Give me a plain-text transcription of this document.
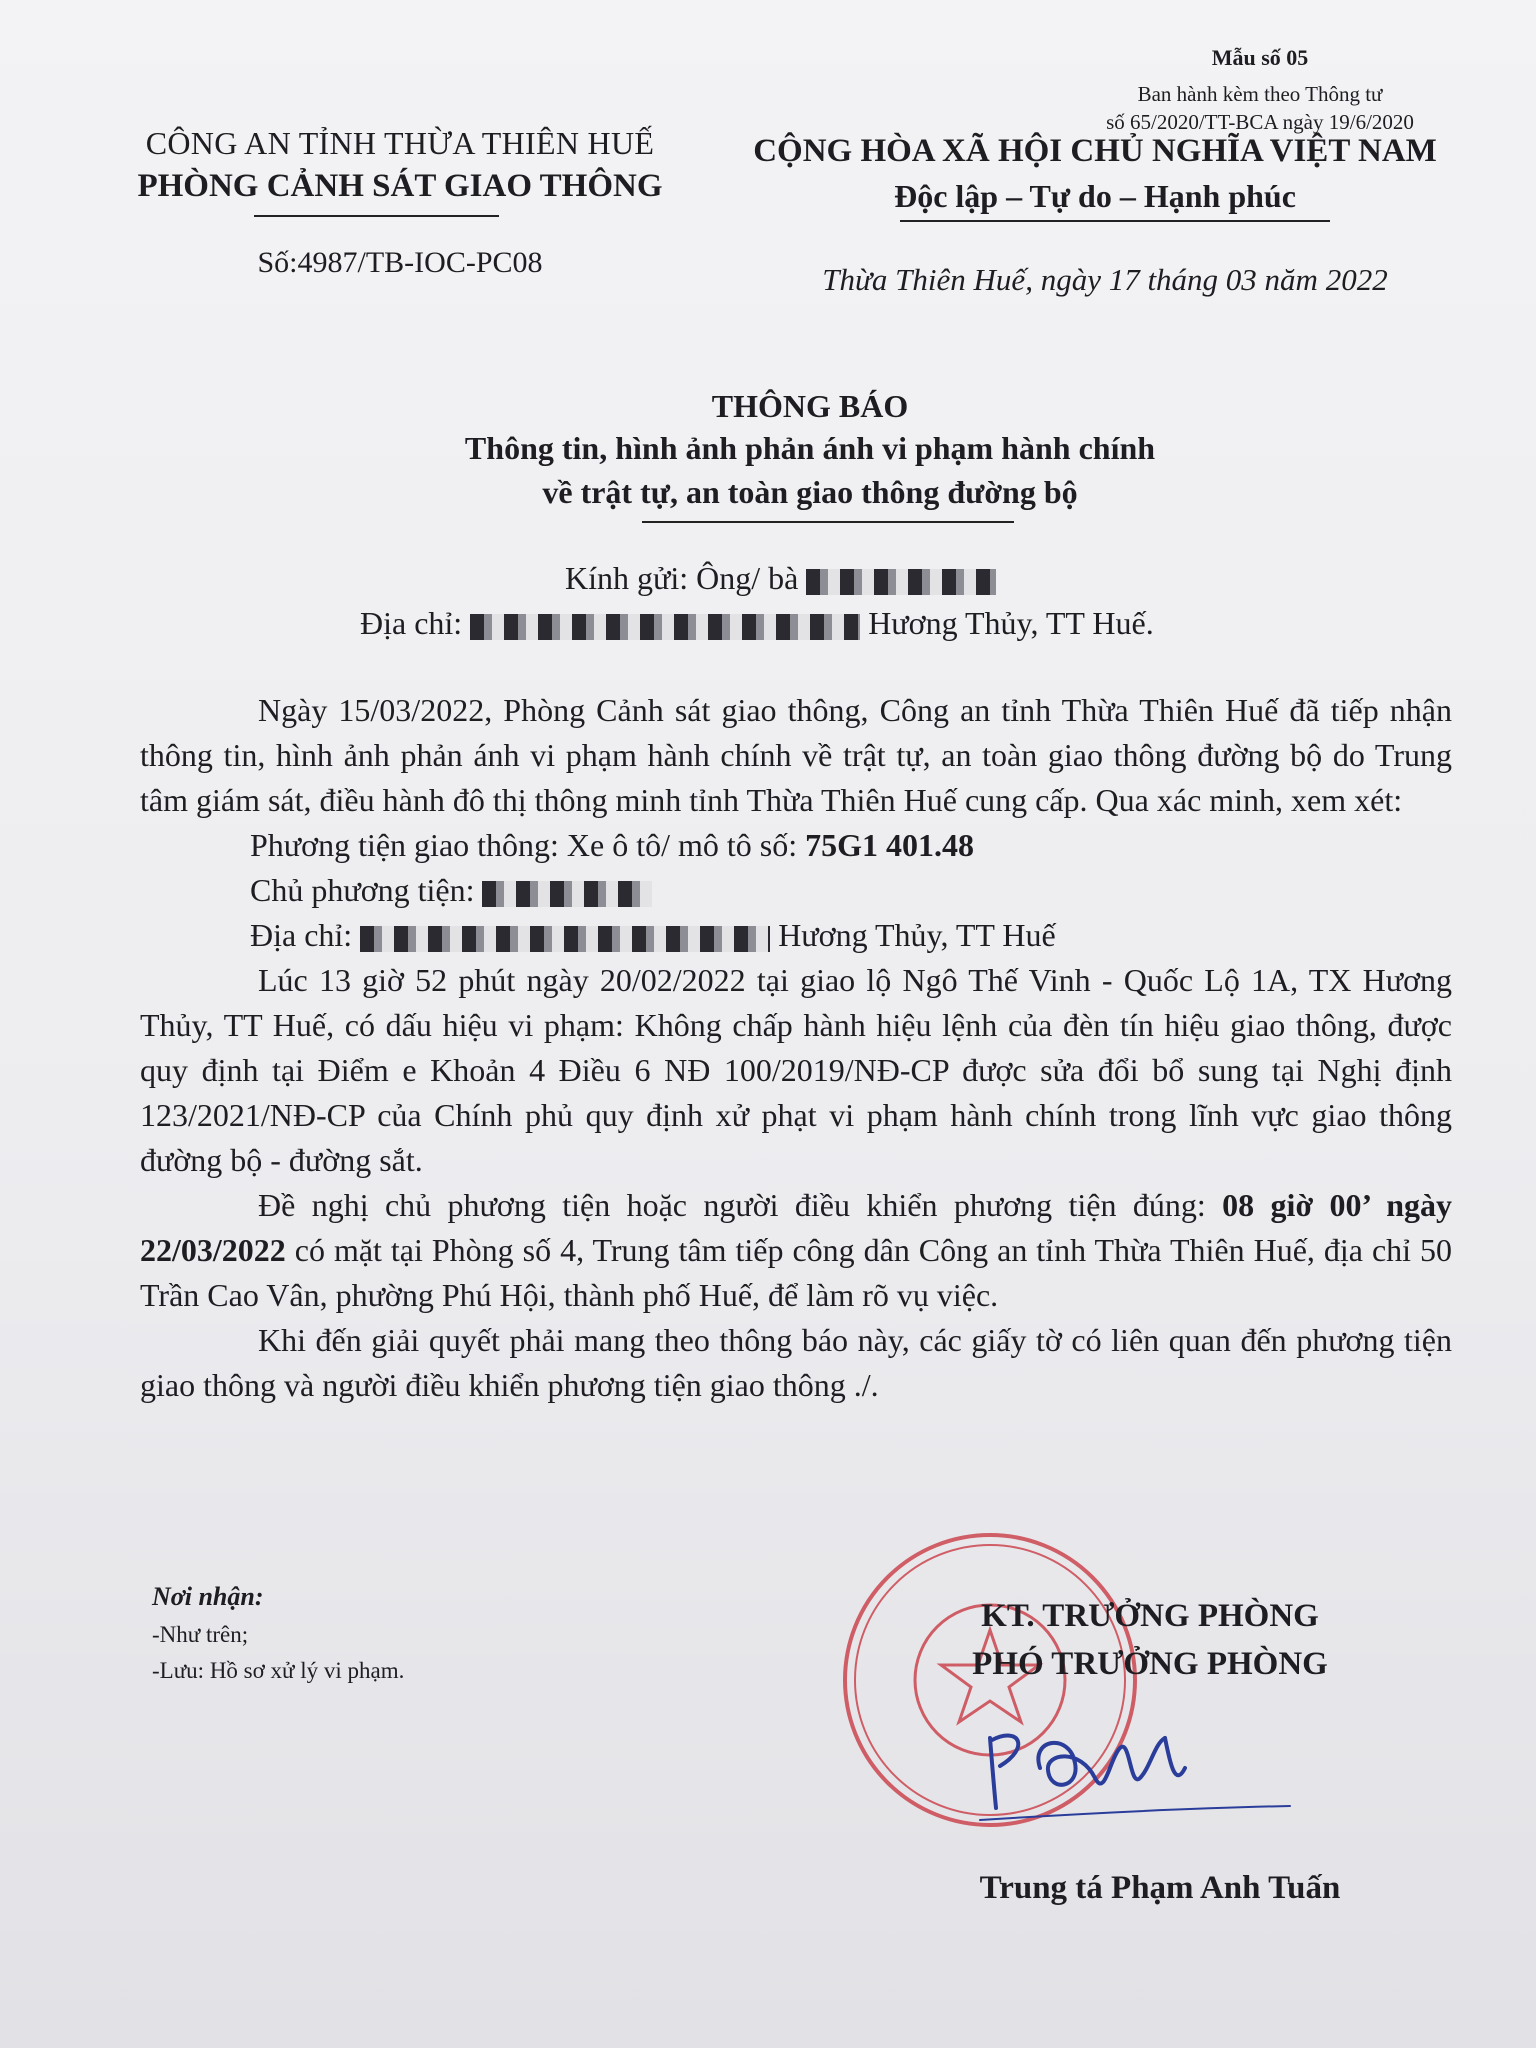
CÔNG AN TỈNH THỪA THIÊN HUẾ
PHÒNG CẢNH SÁT GIAO THÔNG
Số:4987/TB-IOC-PC08
Mẫu số 05
Ban hành kèm theo Thông tư
số 65/2020/TT-BCA ngày 19/6/2020
CỘNG HÒA XÃ HỘI CHỦ NGHĨA VIỆT NAM
Độc lập – Tự do – Hạnh phúc
Thừa Thiên Huế, ngày 17 tháng 03 năm 2022
THÔNG BÁO
Thông tin, hình ảnh phản ánh vi phạm hành chính
về trật tự, an toàn giao thông đường bộ
Kính gửi: Ông/ bà
Địa chỉ:	Hương Thủy, TT Huế.

Ngày 15/03/2022, Phòng Cảnh sát giao thông, Công an tỉnh Thừa Thiên Huế đã tiếp nhận thông tin, hình ảnh phản ánh vi phạm hành chính về trật tự, an toàn giao thông đường bộ do Trung tâm giám sát, điều hành đô thị thông minh tỉnh Thừa Thiên Huế cung cấp. Qua xác minh, xem xét:

Phương tiện giao thông: Xe ô tô/ mô tô số: 75G1 401.48

Chủ phương tiện:

Địa chỉ:	Hương Thủy, TT Huế

Lúc 13 giờ 52 phút ngày 20/02/2022 tại giao lộ Ngô Thế Vinh - Quốc Lộ 1A, TX Hương Thủy, TT Huế, có dấu hiệu vi phạm: Không chấp hành hiệu lệnh của đèn tín hiệu giao thông, được quy định tại Điểm e Khoản 4 Điều 6 NĐ 100/2019/NĐ-CP được sửa đổi bổ sung tại Nghị định 123/2021/NĐ-CP của Chính phủ quy định xử phạt vi phạm hành chính trong lĩnh vực giao thông đường bộ - đường sắt.

Đề nghị chủ phương tiện hoặc người điều khiển phương tiện đúng: 08 giờ 00’ ngày 22/03/2022 có mặt tại Phòng số 4, Trung tâm tiếp công dân Công an tỉnh Thừa Thiên Huế, địa chỉ 50 Trần Cao Vân, phường Phú Hội, thành phố Huế, để làm rõ vụ việc.

Khi đến giải quyết phải mang theo thông báo này, các giấy tờ có liên quan đến phương tiện giao thông và người điều khiển phương tiện giao thông ./.

Nơi nhận:
-Như trên;
-Lưu: Hồ sơ xử lý vi phạm.
KT. TRƯỞNG PHÒNG
PHÓ TRƯỞNG PHÒNG
Trung tá Phạm Anh Tuấn
